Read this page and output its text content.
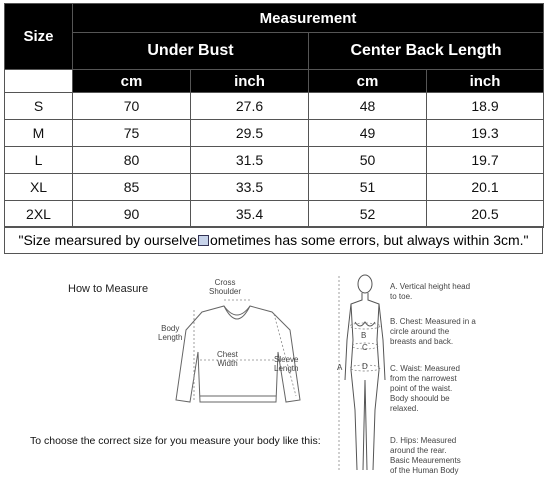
Size	Measurement			
	Under Bust		Center Back Length	
	cm	inch	cm	inch
S	70	27.6	48	18.9
M	75	29.5	49	19.3
L	80	31.5	50	19.7
XL	85	33.5	51	20.1
2XL	90	35.4	52	20.5
"Size mearsured by ourselve ometimes has some errors, but always within 3cm."
How to Measure
Cross
Shoulder
Body
Length
Chest
Width	Sleeve
Length
B
C
A D
A. Vertical height head
to toe.
B. Chest: Measured in a
circle around the
breasts and back.
C. Waist: Measured
from the narrowest
point of the waist.
Body shoould be
relaxed.
D. Hips: Measured
around the rear.
Basic Meaurements
of the Human Body
To choose the correct size for you measure your body like this:
